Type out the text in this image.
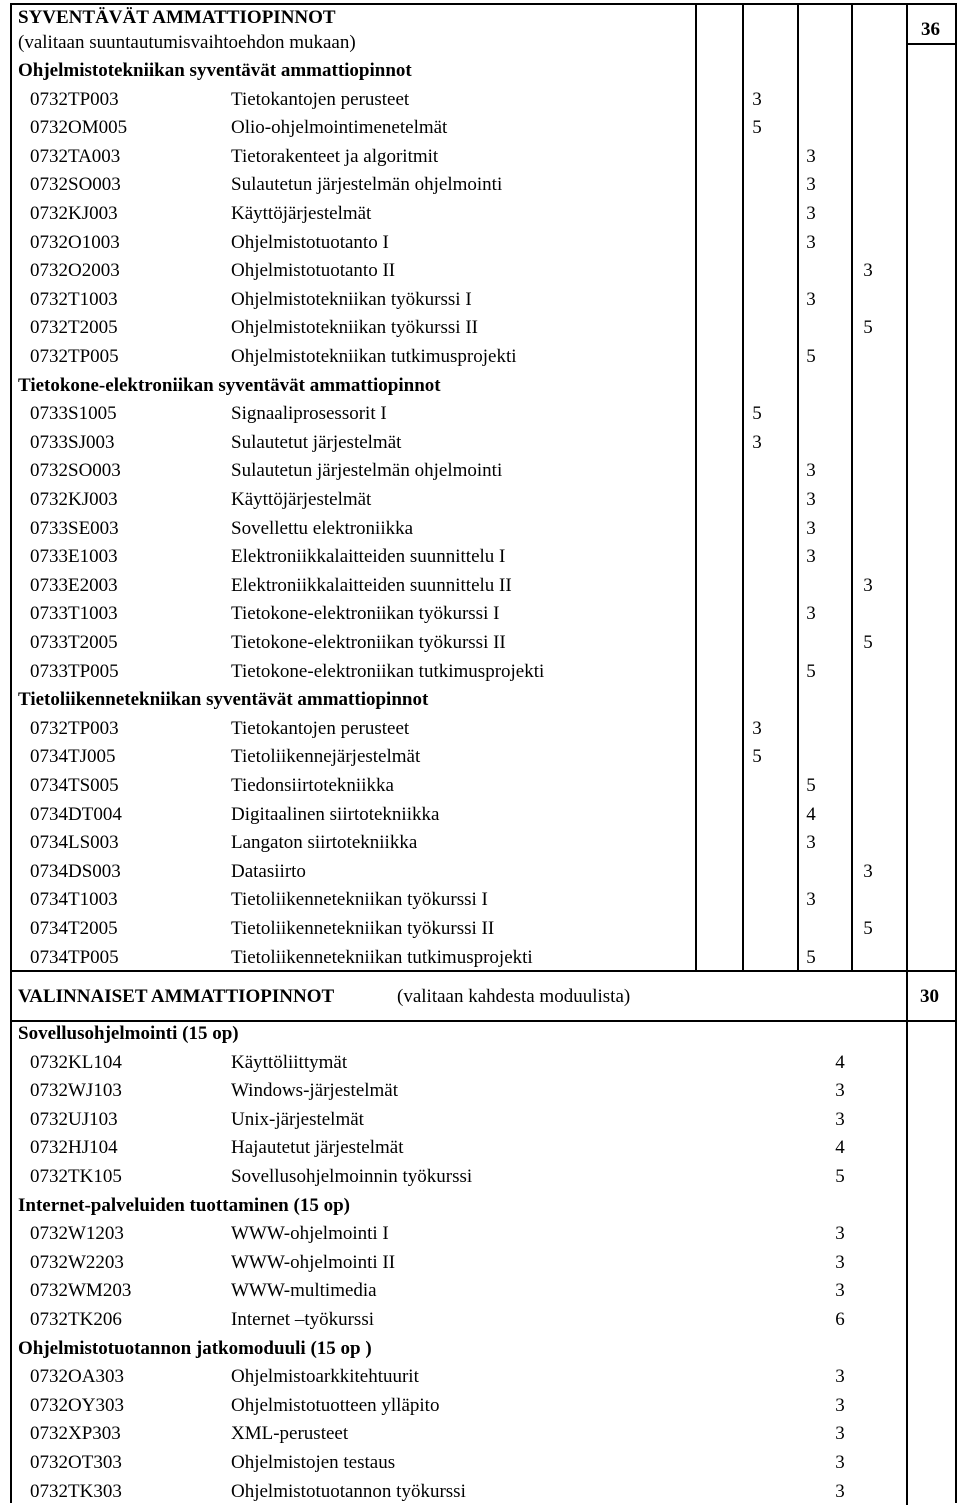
SYVENTÄVÄT AMMATTIOPINNOT
(valitaan suuntautumisvaihtoehdon mukaan)
36
Ohjelmistotekniikan syventävät ammattiopinnot
0732TP003	Tietokantojen perusteet	3
0732OM005	Olio-ohjelmointimenetelmät	5
0732TA003	Tietorakenteet ja algoritmit	3
0732SO003	Sulautetun järjestelmän ohjelmointi	3
0732KJ003	Käyttöjärjestelmät	3
0732O1003	Ohjelmistotuotanto I	3
0732O2003	Ohjelmistotuotanto II	3
0732T1003	Ohjelmistotekniikan työkurssi I	3
0732T2005	Ohjelmistotekniikan työkurssi II	5
0732TP005	Ohjelmistotekniikan tutkimusprojekti	5
Tietokone-elektroniikan syventävät ammattiopinnot
0733S1005	Signaaliprosessorit I	5
0733SJ003	Sulautetut järjestelmät	3
0732SO003	Sulautetun järjestelmän ohjelmointi	3
0732KJ003	Käyttöjärjestelmät	3
0733SE003	Sovellettu elektroniikka	3
0733E1003	Elektroniikkalaitteiden suunnittelu I	3
0733E2003	Elektroniikkalaitteiden suunnittelu II	3
0733T1003	Tietokone-elektroniikan työkurssi I	3
0733T2005	Tietokone-elektroniikan työkurssi II	5
0733TP005	Tietokone-elektroniikan tutkimusprojekti	5
Tietoliikennetekniikan syventävät ammattiopinnot
0732TP003	Tietokantojen perusteet	3
0734TJ005	Tietoliikennejärjestelmät	5
0734TS005	Tiedonsiirtotekniikka	5
0734DT004	Digitaalinen siirtotekniikka	4
0734LS003	Langaton siirtotekniikka	3
0734DS003	Datasiirto	3
0734T1003	Tietoliikennetekniikan työkurssi I	3
0734T2005	Tietoliikennetekniikan työkurssi II	5
0734TP005	Tietoliikennetekniikan tutkimusprojekti	5
VALINNAISET AMMATTIOPINNOT	(valitaan kahdesta moduulista)	30
Sovellusohjelmointi (15 op)
0732KL104	Käyttöliittymät	4
0732WJ103	Windows-järjestelmät	3
0732UJ103	Unix-järjestelmät	3
0732HJ104	Hajautetut järjestelmät	4
0732TK105	Sovellusohjelmoinnin työkurssi	5
Internet-palveluiden tuottaminen (15 op)
0732W1203	WWW-ohjelmointi I	3
0732W2203	WWW-ohjelmointi II	3
0732WM203	WWW-multimedia	3
0732TK206	Internet –työkurssi	6
Ohjelmistotuotannon jatkomoduuli (15 op )
0732OA303	Ohjelmistoarkkitehtuurit	3
0732OY303	Ohjelmistotuotteen ylläpito	3
0732XP303	XML-perusteet	3
0732OT303	Ohjelmistojen testaus	3
0732TK303	Ohjelmistotuotannon työkurssi	3
